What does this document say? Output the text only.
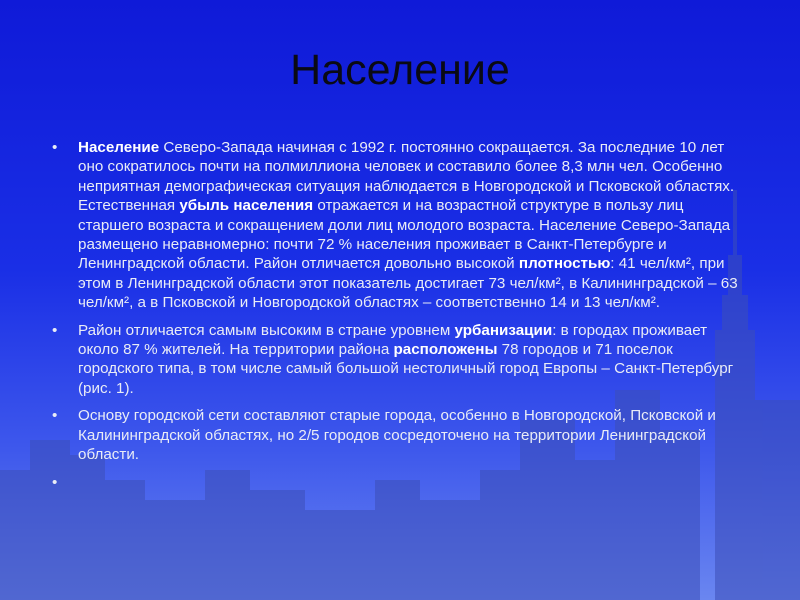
Население
• Население Северо-Запада начиная с 1992 г. постоянно сокращается. За последние 10 лет оно сократилось почти на полмиллиона человек и составило более 8,3 млн чел. Особенно неприятная демографическая ситуация наблюдается в Новгородской и Псковской областях.
Естественная убыль населения отражается и на возрастной структуре в пользу лиц старшего возраста и сокращением доли лиц молодого возраста. Население Северо-Запада размещено неравномерно: почти 72 % населения проживает в Санкт-Петербурге и Ленинградской области. Район отличается довольно высокой плотностью: 41 чел/км², при этом в Ленинградской области этот показатель достигает 73 чел/км², в Калининградской – 63 чел/км², а в Псковской и Новгородской областях – соответственно 14 и 13 чел/км².
• Район отличается самым высоким в стране уровнем урбанизации: в городах проживает около 87 % жителей. На территории района расположены 78 городов и 71 поселок городского типа, в том числе самый большой нестоличный город Европы – Санкт-Петербург (рис. 1).
• Основу городской сети составляют старые города, особенно в Новгородской, Псковской и Калининградской областях, но 2/5 городов сосредоточено на территории Ленинградской области.
•
